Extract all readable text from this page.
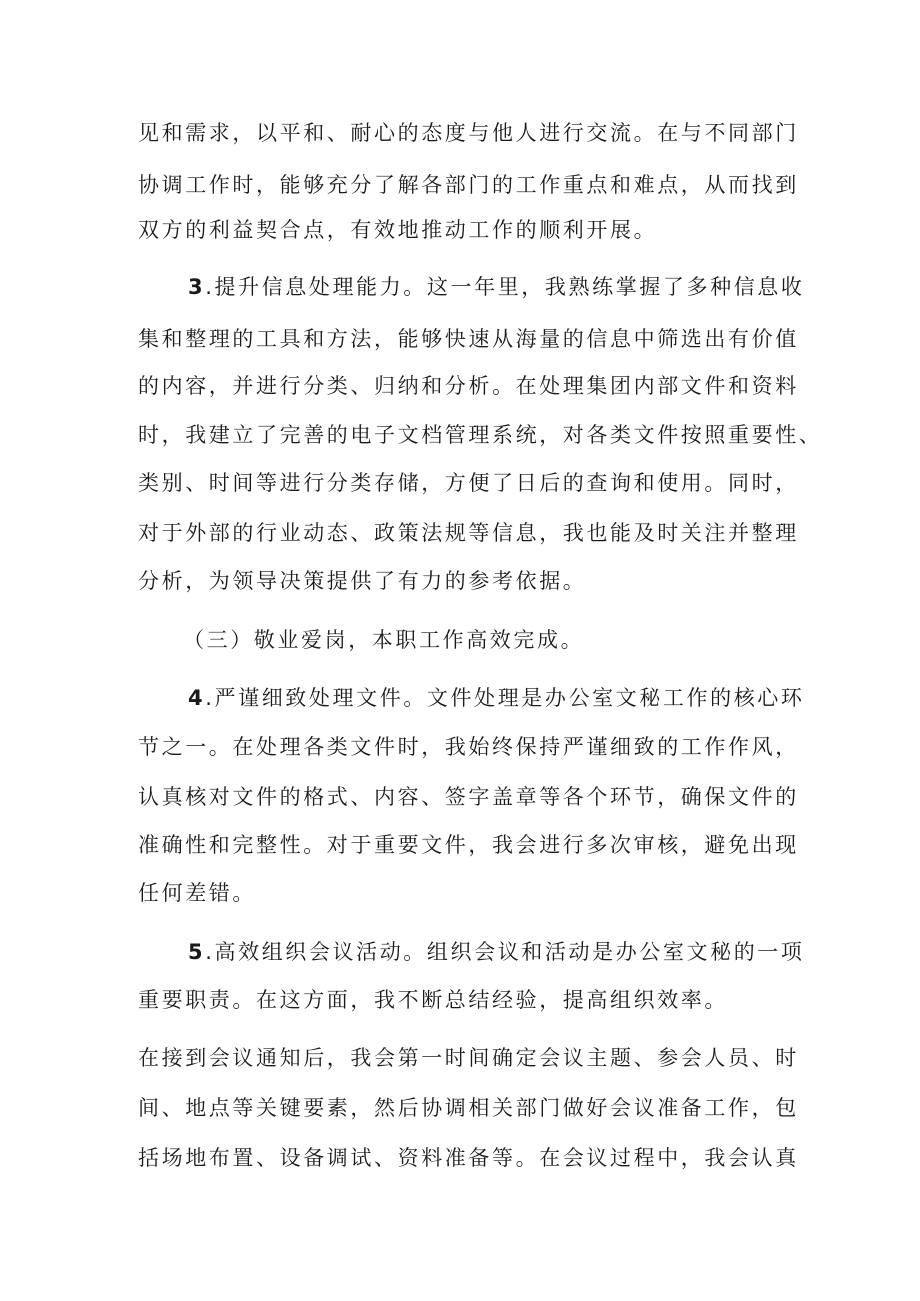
见和需求，以平和、耐心的态度与他人进行交流。在与不同部门
协调工作时，能够充分了解各部门的工作重点和难点，从而找到
双方的利益契合点，有效地推动工作的顺利开展。
3.提升信息处理能力。这一年里，我熟练掌握了多种信息收
集和整理的工具和方法，能够快速从海量的信息中筛选出有价值
的内容，并进行分类、归纳和分析。在处理集团内部文件和资料
时，我建立了完善的电子文档管理系统，对各类文件按照重要性、
类别、时间等进行分类存储，方便了日后的查询和使用。同时，
对于外部的行业动态、政策法规等信息，我也能及时关注并整理
分析，为领导决策提供了有力的参考依据。
（三）敬业爱岗，本职工作高效完成。
4.严谨细致处理文件。文件处理是办公室文秘工作的核心环
节之一。在处理各类文件时，我始终保持严谨细致的工作作风，
认真核对文件的格式、内容、签字盖章等各个环节，确保文件的
准确性和完整性。对于重要文件，我会进行多次审核，避免出现
任何差错。
5.高效组织会议活动。组织会议和活动是办公室文秘的一项
重要职责。在这方面，我不断总结经验，提高组织效率。
在接到会议通知后，我会第一时间确定会议主题、参会人员、时
间、地点等关键要素，然后协调相关部门做好会议准备工作，包
括场地布置、设备调试、资料准备等。在会议过程中，我会认真
